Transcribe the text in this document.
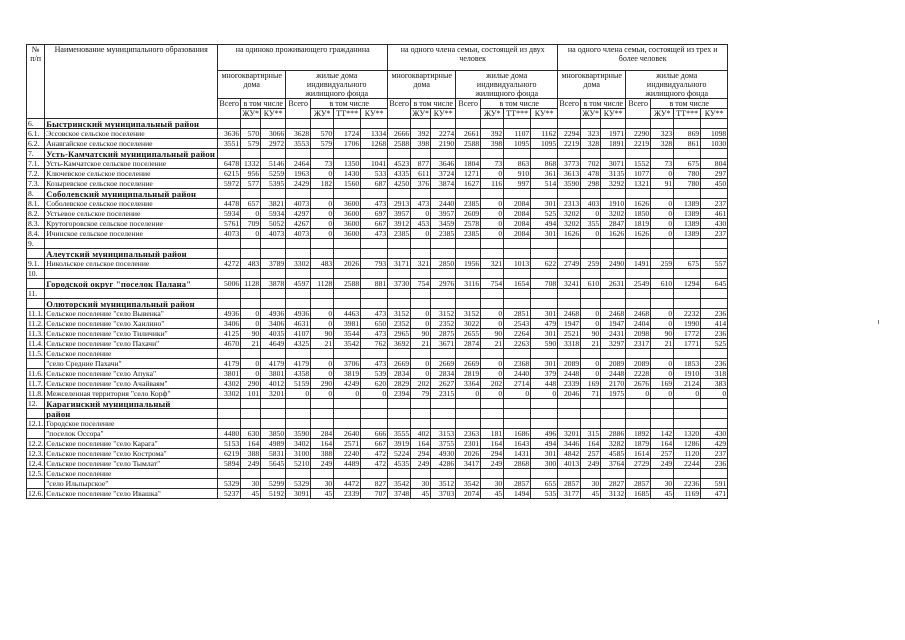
№ п/п	Наименование муниципального образования	на одиноко проживающего гражданина							на одного члена семьи, состоящей из двух человек							на одного члена семьи, состоящей из трех и более человек						
		многоквартирные дома			жилые дома индивидуального жилищного фонда				многоквартирные дома			жилые дома индивидуального жилищного фонда				многоквартирные дома			жилые дома индивидуального жилищного фонда			
		Всего	в том числе		Всего	в том числе			Всего	в том числе		Всего	в том числе			Всего	в том числе		Всего	в том числе		
			ЖУ*	КУ**		ЖУ*	ТТ***	КУ**		ЖУ*	КУ**		ЖУ*	ТТ***	КУ**		ЖУ*	КУ**		ЖУ*	ТТ***	КУ**
6.	Быстринский муниципальный район																					
6.1.	Эссовское сельское поселение	3636	570	3066	3628	570	1724	1334	2666	392	2274	2661	392	1107	1162	2294	323	1971	2290	323	869	1098
6.2.	Анавгайское сельское поселение	3551	579	2972	3553	579	1706	1268	2588	398	2190	2588	398	1095	1095	2219	328	1891	2219	328	861	1030
7.	Усть-Камчатский муниципальный район																					
7.1.	Усть-Камчатское сельское поселение	6478	1332	5146	2464	73	1350	1041	4523	877	3646	1804	73	863	868	3773	702	3071	1552	73	675	804
7.2.	Ключевское сельское поселение	6215	956	5259	1963	0	1430	533	4335	611	3724	1271	0	910	361	3613	478	3135	1077	0	780	297
7.3.	Козыревское сельское поселение	5972	577	5395	2429	182	1560	687	4250	376	3874	1627	116	997	514	3590	298	3292	1321	91	780	450
8.	Соболевский муниципальный район																					
8.1.	Соболевское сельское поселение	4478	657	3821	4073	0	3600	473	2913	473	2440	2385	0	2084	301	2313	403	1910	1626	0	1389	237
8.2.	Устьевое сельское поселение	5934	0	5934	4297	0	3600	697	3957	0	3957	2609	0	2084	525	3202	0	3202	1850	0	1389	461
8.3.	Крутогоровское сельское поселение	5761	709	5052	4267	0	3600	667	3912	453	3459	2578	0	2084	494	3202	355	2847	1819	0	1389	430
8.4.	Ичинское сельское поселение	4073	0	4073	4073	0	3600	473	2385	0	2385	2385	0	2084	301	1626	0	1626	1626	0	1389	237
9.																						
	Алеутский муниципальный район																					
9.1.	Никольское сельское поселение	4272	483	3789	3302	483	2026	793	3171	321	2850	1956	321	1013	622	2749	259	2490	1491	259	675	557
10.																						
	Городской округ "поселок Палана"	5006	1128	3878	4597	1128	2588	881	3730	754	2976	3116	754	1654	708	3241	610	2631	2549	610	1294	645
11.																						
	Олюторский муниципальный район																					
11.1.	Сельское поселение "село Вывенка"	4936	0	4936	4936	0	4463	473	3152	0	3152	3152	0	2851	301	2468	0	2468	2468	0	2232	236
11.2.	Сельское поселение "село Хаилино"	3406	0	3406	4631	0	3981	650	2352	0	2352	3022	0	2543	479	1947	0	1947	2404	0	1990	414
11.3.	Сельское поселение "село Тиличики"	4125	90	4035	4107	90	3544	473	2965	90	2875	2655	90	2264	301	2521	90	2431	2098	90	1772	236
11.4.	Сельское поселение "село Пахачи"	4670	21	4649	4325	21	3542	762	3692	21	3671	2874	21	2263	590	3318	21	3297	2317	21	1771	525
11.5.	Сельское поселение																					
	"село Средние Пахачи"	4179	0	4179	4179	0	3706	473	2669	0	2669	2669	0	2368	301	2089	0	2089	2089	0	1853	236
11.6.	Сельское поселение "село Апука"	3801	0	3801	4358	0	3819	539	2834	0	2834	2819	0	2440	379	2448	0	2448	2228	0	1910	318
11.7.	Сельское поселение "село Ачайваям"	4302	290	4012	5159	290	4249	620	2829	202	2627	3364	202	2714	448	2339	169	2170	2676	169	2124	383
11.8.	Межселенная территория "село Корф"	3302	101	3201	0	0	0	0	2394	79	2315	0	0	0	0	2046	71	1975	0	0	0	0
12.	Карагинский муниципальный																					
	район																					
12.1.	Городское поселение																					
	"поселок Оссора"	4480	630	3850	3590	284	2640	666	3555	402	3153	2363	181	1686	496	3201	315	2886	1892	142	1320	430
12.2.	Сельское поселение "село Карага"	5153	164	4989	3402	164	2571	667	3919	164	3755	2301	164	1643	494	3446	164	3282	1879	164	1286	429
12.3.	Сельское поселение "село Кострома"	6219	388	5831	3100	388	2240	472	5224	294	4930	2026	294	1431	301	4842	257	4585	1614	257	1120	237
12.4.	Сельское поселение "село Тымлат"	5894	249	5645	5210	249	4489	472	4535	249	4286	3417	249	2868	300	4013	249	3764	2729	249	2244	236
12.5.	Сельское поселение																					
	"село Ильпырское"	5329	30	5299	5329	30	4472	827	3542	30	3512	3542	30	2857	655	2857	30	2827	2857	30	2236	591
12.6.	Сельское поселение "село Ивашка"	5237	45	5192	3091	45	2339	707	3748	45	3703	2074	45	1494	535	3177	45	3132	1685	45	1169	471
